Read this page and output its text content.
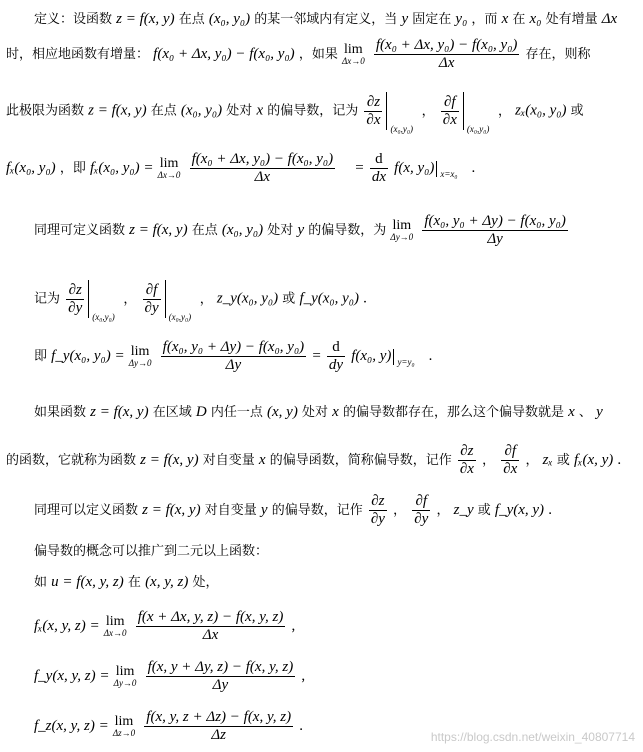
定义：设函数 z = f(x, y) 在点 (x₀, y₀) 的某一邻域内有定义，当 y 固定在 y₀ ，而 x 在 x₀ 处有增量 Δx
时，相应地函数有增量： f(x₀ + Δx, y₀) − f(x₀, y₀) ，如果 lim
Δx→0
$\frac{\text{f(x₀ + Δx, y₀) − f(x₀, y₀)}}{\Delta x}$ 存在，则称
此极限为函数 z = f(x, y) 在点 (x₀, y₀) 处对 x 的偏导数，记为 $\frac{\partial z}{\partial x}$
(x₀,y₀)
， $\frac{\partial f}{\partial x}$
(x₀,y₀)
， zₓ(x₀, y₀) 或
fₓ(x₀, y₀) ，即 fₓ(x₀, y₀) = lim
Δx→0
$\frac{\text{f(x₀ + Δx, y₀) − f(x₀, y₀)}}{\Delta x} = \frac{d}{dx} f(x$, y₀) x=x₀ .
同理可定义函数 z = f(x, y) 在点 (x₀, y₀) 处对 y 的偏导数，为 lim
Δy→0
$\frac{\text{f(x₀, y₀ + Δy) − f(x₀, y₀)}}{\Delta y}$
记为 $\frac{\partial z}{\partial y}$
(x₀,y₀)
， $\frac{\partial f}{\partial y}$
(x₀,y₀)
， z_y(x₀, y₀) 或 f_y(x₀, y₀) .
即 f_y(x₀, y₀) = lim
Δy→0
$\frac{\text{f(x₀, y₀ + Δy) − f(x₀, y₀)}}{\Delta y} = \frac{d}{dy} f(x_0$, y) y=y₀ .
如果函数 z = f(x, y) 在区域 D 内任一点 (x, y) 处对 x 的偏导数都存在，那么这个偏导数就是 x 、 y
的函数，它就称为函数 z = f(x, y) 对自变量 x 的偏导函数，简称偏导数，记作 $\frac{\partial z}{\partial x}$ ， $\frac{\partial f}{\partial x}$ ， zₓ 或 fₓ(x, y) .
同理可以定义函数 z = f(x, y) 对自变量 y 的偏导数，记作 $\frac{\partial z}{\partial y}$ ， $\frac{\partial f}{\partial y}$ ， z_y 或 f_y(x, y) .
偏导数的概念可以推广到二元以上函数：
如 u = f(x, y, z) 在 (x, y, z) 处，
fₓ(x, y, z) = lim
Δx→0
$\frac{f(x + \Delta x, y, z) - f(x, y, z)}{\Delta x}$ ,
f_y(x, y, z) = lim
Δy→0
$\frac{f(x, y + \Delta y, z) - f(x, y, z)}{\Delta y}$ ,
f_z(x, y, z) = lim
Δz→0
$\frac{f(x, y, z + \Delta z) - f(x, y, z)}{\Delta z}$ .
https://blog.csdn.net/weixin_40807714
